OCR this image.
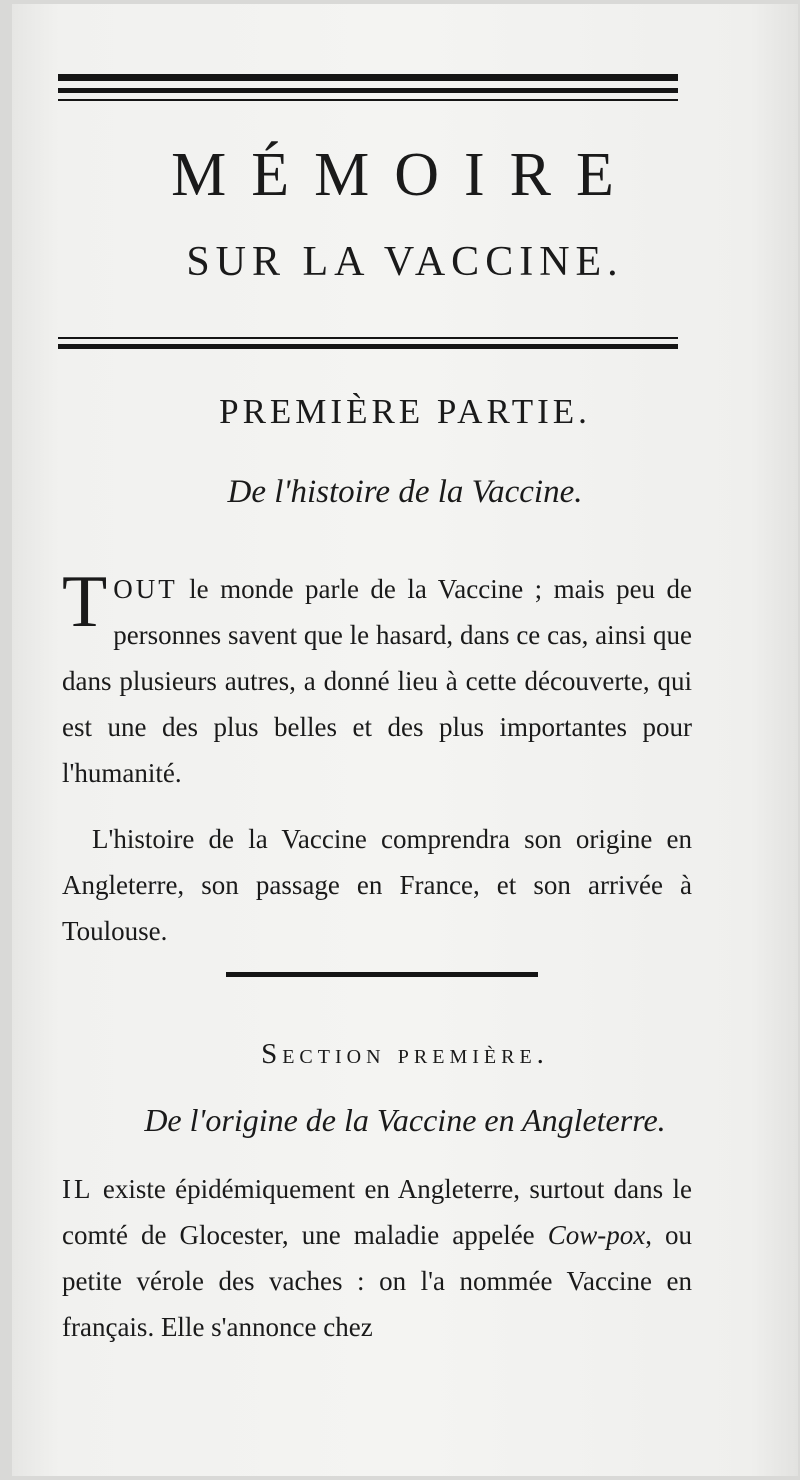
MÉMOIRE
SUR LA VACCINE.
PREMIÈRE PARTIE.
De l'histoire de la Vaccine.
TOUT le monde parle de la Vaccine ; mais peu de personnes savent que le hasard, dans ce cas, ainsi que dans plusieurs autres, a donné lieu à cette découverte, qui est une des plus belles et des plus importantes pour l'humanité.
L'histoire de la Vaccine comprendra son origine en Angleterre, son passage en France, et son arrivée à Toulouse.
Section première.
De l'origine de la Vaccine en Angleterre.
IL existe épidémiquement en Angleterre, surtout dans le comté de Glocester, une maladie appelée Cow-pox, ou petite vérole des vaches : on l'a nommée Vaccine en français. Elle s'annonce chez
